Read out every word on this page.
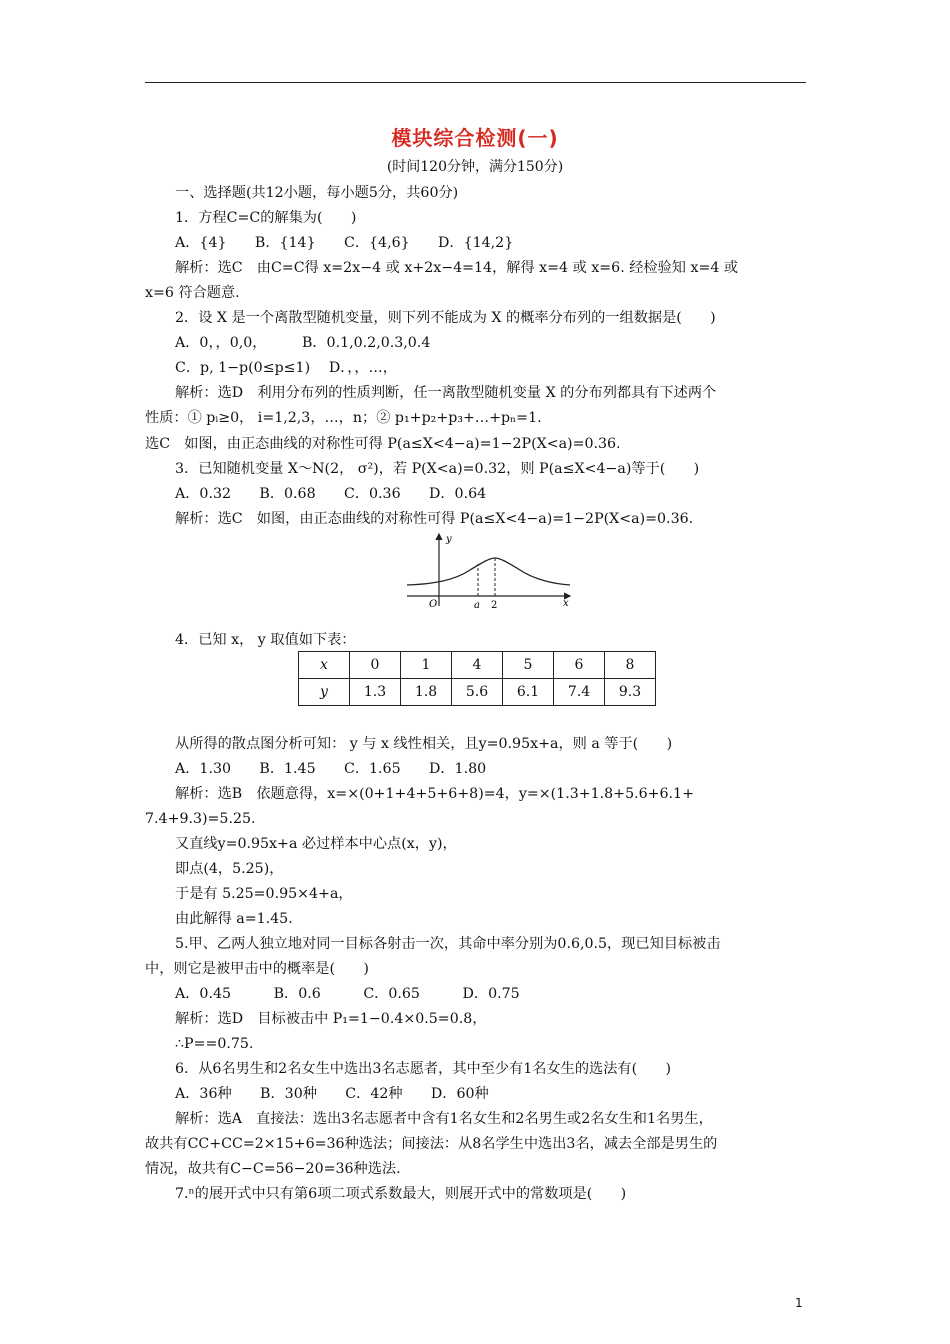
模块综合检测(一)
(时间120分钟，满分150分)
一、选择题(共12小题，每小题5分，共60分)
1．方程C=C的解集为(　　)
A．{4}　　B．{14}　　C．{4,6}　　D．{14,2}
解析：选C　由C=C得 x=2x−4 或 x+2x−4=14，解得 x=4 或 x=6. 经检验知 x=4 或
x=6 符合题意.
2．设 X 是一个离散型随机变量，则下列不能成为 X 的概率分布列的一组数据是(　　)
A．0，，0,0，　　　B．0.1,0.2,0.3,0.4
C．p, 1−p(0≤p≤1)　 D．，，…，
解析：选D　利用分布列的性质判断，任一离散型随机变量 X 的分布列都具有下述两个
性质：① pᵢ≥0， i=1,2,3，…，n；② p₁+p₂+p₃+…+pₙ=1.
选C　如图，由正态曲线的对称性可得 P(a≤X<4−a)=1−2P(X<a)=0.36.
3．已知随机变量 X～N(2， σ²)，若 P(X<a)=0.32，则 P(a≤X<4−a)等于(　　)
A．0.32　　B．0.68　　C．0.36　　D．0.64
解析：选C　如图，由正态曲线的对称性可得 P(a≤X<4−a)=1−2P(X<a)=0.36.
y
x
O	a 2
4．已知 x， y 取值如下表：
x	0	1	4	5	6	8
y	1.3	1.8	5.6	6.1	7.4	9.3
从所得的散点图分析可知： y 与 x 线性相关，且y=0.95x+a，则 a 等于(　　)
A．1.30　　B．1.45　　C．1.65　　D．1.80
解析：选B　依题意得，x=×(0+1+4+5+6+8)=4，y=×(1.3+1.8+5.6+6.1+
7.4+9.3)=5.25.
又直线y=0.95x+a 必过样本中心点(x，y)，
即点(4，5.25)，
于是有 5.25=0.95×4+a，
由此解得 a=1.45.
5.甲、乙两人独立地对同一目标各射击一次，其命中率分别为0.6,0.5，现已知目标被击
中，则它是被甲击中的概率是(　　)
A．0.45　　　B．0.6　　　C．0.65　　　D．0.75
解析：选D　目标被击中 P₁=1−0.4×0.5=0.8，
∴P==0.75.
6．从6名男生和2名女生中选出3名志愿者，其中至少有1名女生的选法有(　　)
A．36种　　B．30种　　C．42种　　D．60种
解析：选A　直接法：选出3名志愿者中含有1名女生和2名男生或2名女生和1名男生，
故共有CC+CC=2×15+6=36种选法；间接法：从8名学生中选出3名，减去全部是男生的
情况，故共有C−C=56−20=36种选法.
7.ⁿ的展开式中只有第6项二项式系数最大，则展开式中的常数项是(　　)
1
